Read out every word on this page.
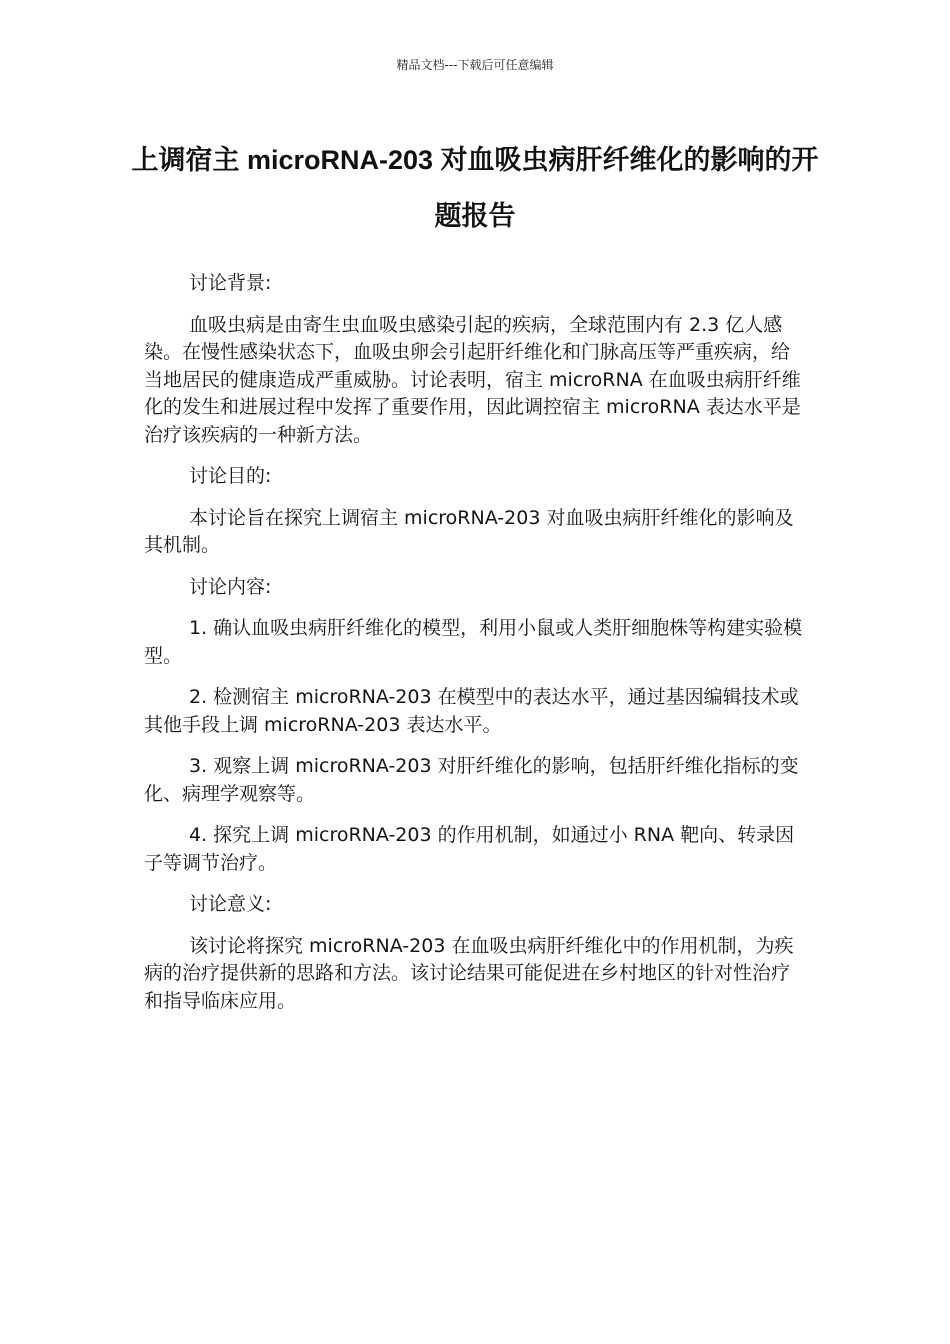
精品文档---下载后可任意编辑
上调宿主 microRNA-203 对血吸虫病肝纤维化的影响的开题报告

讨论背景:

血吸虫病是由寄生虫血吸虫感染引起的疾病，全球范围内有 2.3 亿人感染。在慢性感染状态下，血吸虫卵会引起肝纤维化和门脉高压等严重疾病，给当地居民的健康造成严重威胁。讨论表明，宿主 microRNA 在血吸虫病肝纤维化的发生和进展过程中发挥了重要作用，因此调控宿主 microRNA 表达水平是治疗该疾病的一种新方法。

讨论目的:

本讨论旨在探究上调宿主 microRNA-203 对血吸虫病肝纤维化的影响及其机制。

讨论内容:

1. 确认血吸虫病肝纤维化的模型，利用小鼠或人类肝细胞株等构建实验模型。

2. 检测宿主 microRNA-203 在模型中的表达水平，通过基因编辑技术或其他手段上调 microRNA-203 表达水平。

3. 观察上调 microRNA-203 对肝纤维化的影响，包括肝纤维化指标的变化、病理学观察等。

4. 探究上调 microRNA-203 的作用机制，如通过小 RNA 靶向、转录因子等调节治疗。

讨论意义:

该讨论将探究 microRNA-203 在血吸虫病肝纤维化中的作用机制，为疾病的治疗提供新的思路和方法。该讨论结果可能促进在乡村地区的针对性治疗和指导临床应用。
